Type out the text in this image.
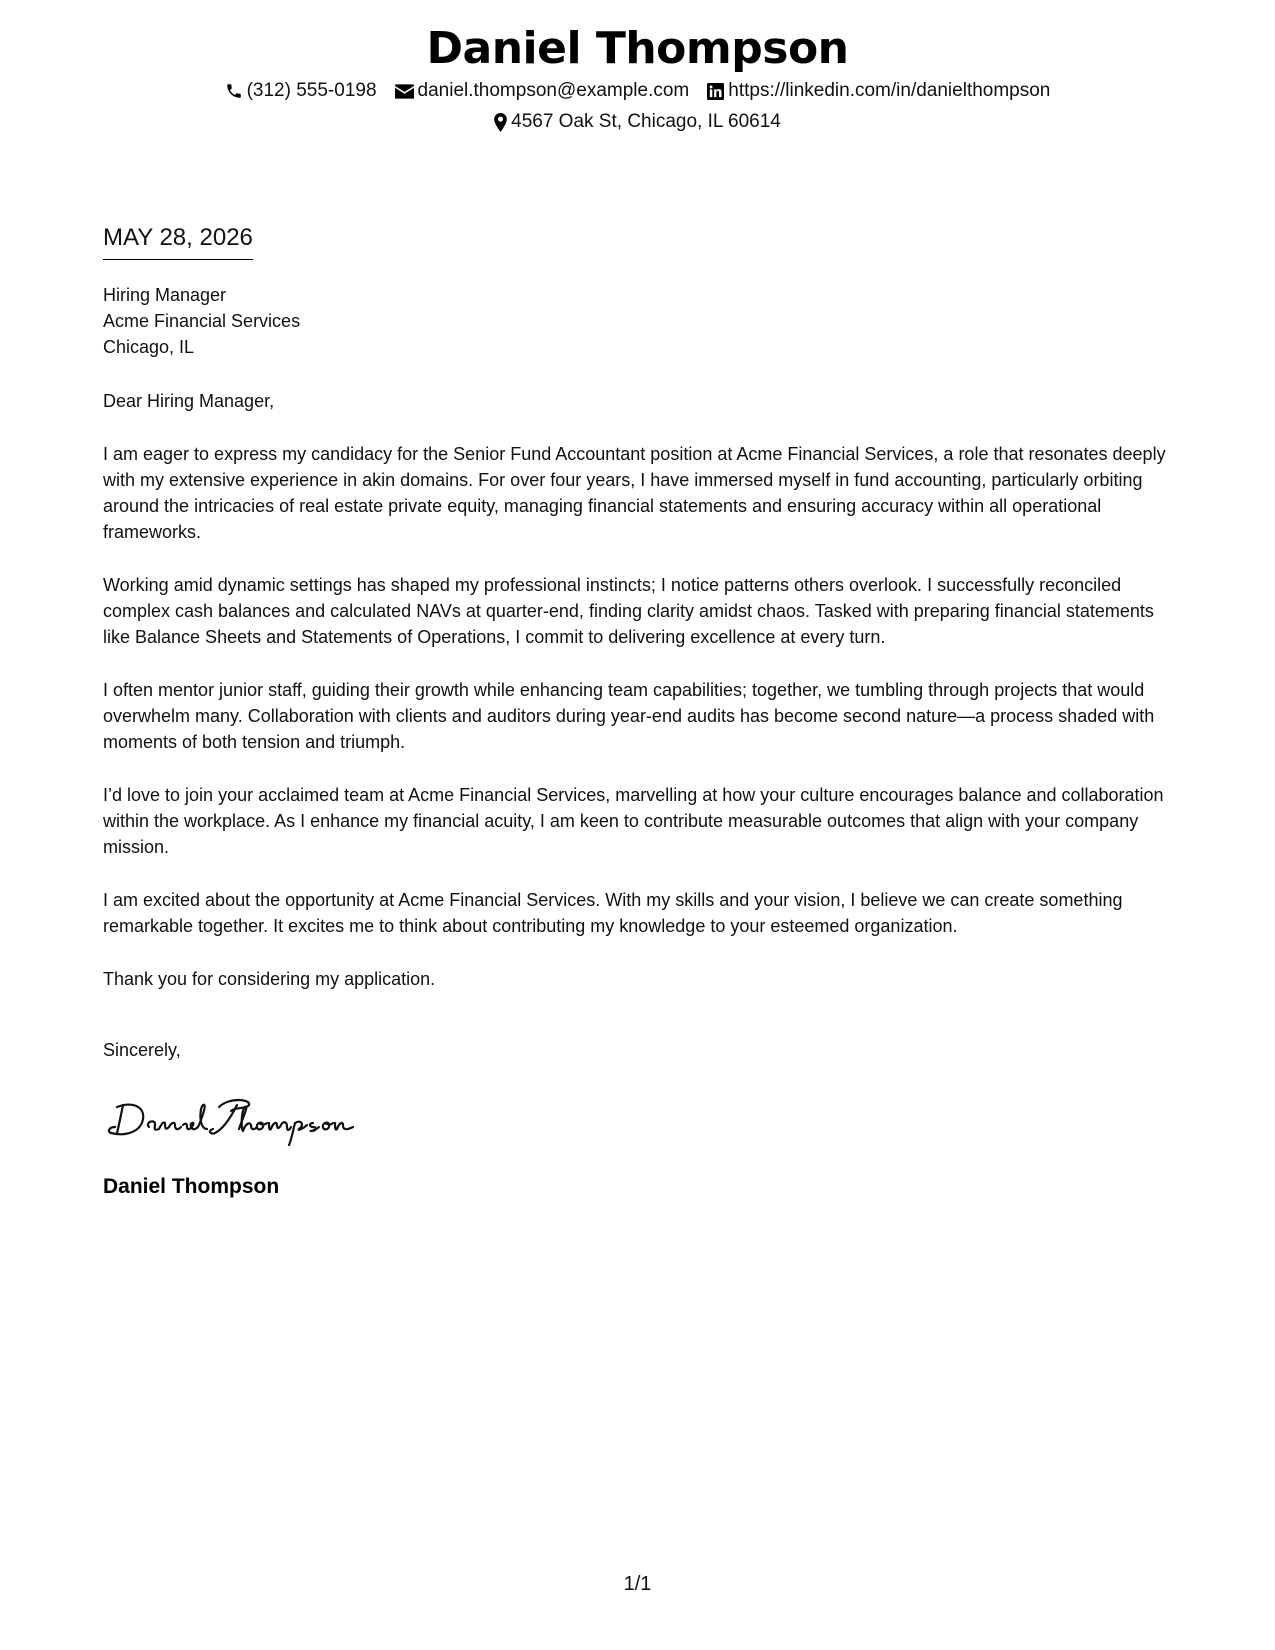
Daniel Thompson
(312) 555-0198 daniel.thompson@example.com https://linkedin.com/in/danielthompson
4567 Oak St, Chicago, IL 60614
MAY 28, 2026
Hiring Manager
Acme Financial Services
Chicago, IL
Dear Hiring Manager,
I am eager to express my candidacy for the Senior Fund Accountant position at Acme Financial Services, a role that resonates deeply with my extensive experience in akin domains. For over four years, I have immersed myself in fund accounting, particularly orbiting around the intricacies of real estate private equity, managing financial statements and ensuring accuracy within all operational frameworks.
Working amid dynamic settings has shaped my professional instincts; I notice patterns others overlook. I successfully reconciled complex cash balances and calculated NAVs at quarter-end, finding clarity amidst chaos. Tasked with preparing financial statements like Balance Sheets and Statements of Operations, I commit to delivering excellence at every turn.
I often mentor junior staff, guiding their growth while enhancing team capabilities; together, we tumbling through projects that would overwhelm many. Collaboration with clients and auditors during year-end audits has become second nature—a process shaded with moments of both tension and triumph.
I’d love to join your acclaimed team at Acme Financial Services, marvelling at how your culture encourages balance and collaboration within the workplace. As I enhance my financial acuity, I am keen to contribute measurable outcomes that align with your company mission.
I am excited about the opportunity at Acme Financial Services. With my skills and your vision, I believe we can create something remarkable together. It excites me to think about contributing my knowledge to your esteemed organization.
Thank you for considering my application.
Sincerely,
Daniel Thompson
1/1
